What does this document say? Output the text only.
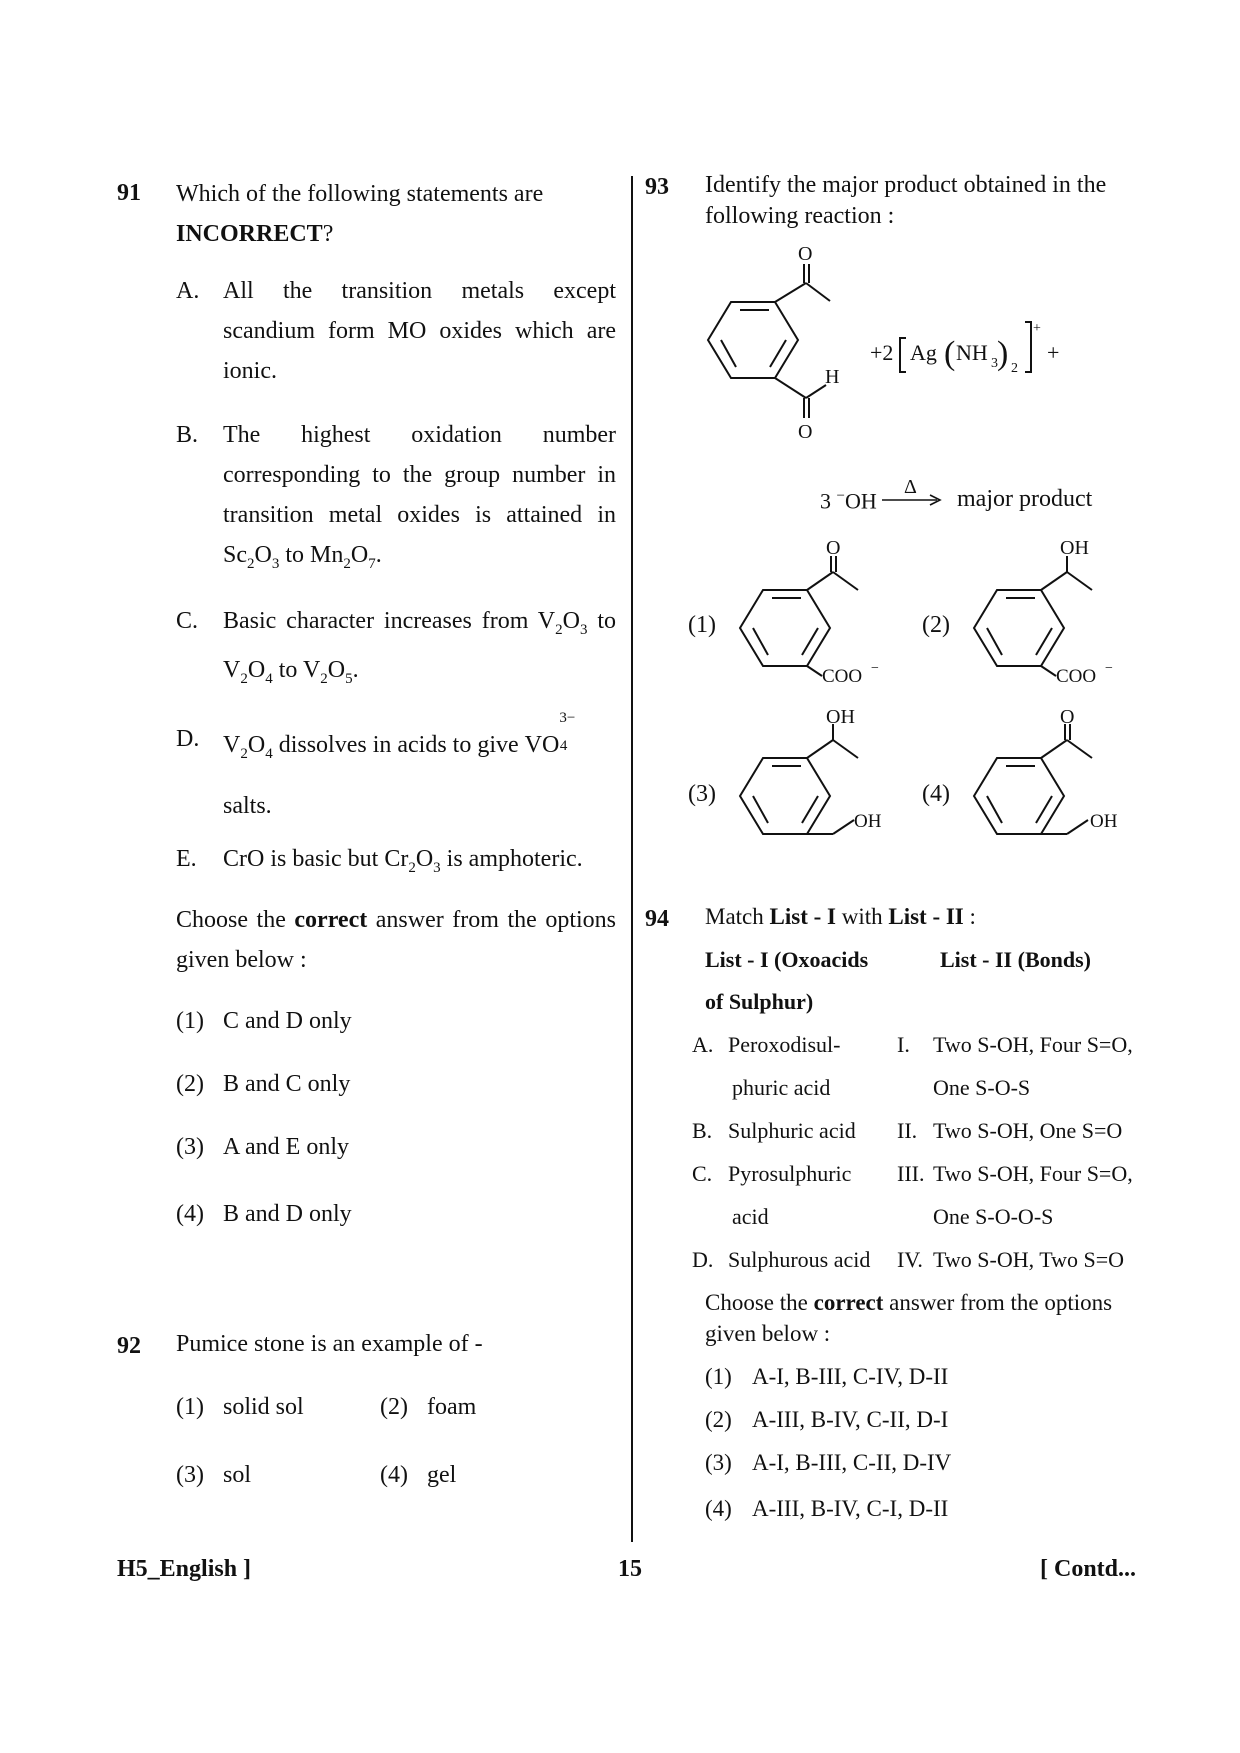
91 Which of the following statements are
INCORRECT?
A. All the transition metals except scandium form MO oxides which are ionic.
B. The highest oxidation number corresponding to the group number in transition metal oxides is attained in $Sc_2O_3$ to $Mn_2O_7$.
C. Basic character increases from $V_2O_3$ to $V_2O_4$ to $V_2O_5$.
D. $V_2O_4$ dissolves in acids to give VO
3−
4

salts.
E. CrO is basic but $Cr_2O_3$ is amphoteric.
Choose the correct answer from the options given below :
(1) C and D only
(2) B and C only
(3) A and E only
(4) B and D only
92 Pumice stone is an example of -
(1) solid sol	(2) foam
(3) sol	(4) gel
93 Identify the major product obtained in the following reaction :
O
O
H
+2 Ag ( NH 3 ) 2
+
+
3 −OH
Δ major product
(1)
O
COO −
(2)
OH
COO −
(3)
OH
OH
(4)
O
OH
94 Match List - I with List - II :
List - I (Oxoacids
of Sulphur)
List - II (Bonds)
A. Peroxodisul-
phuric acid
I. Two S-OH, Four S=O,
One S-O-S
B. Sulphuric acid II. Two S-OH, One S=O
C. Pyrosulphuric
acid
III. Two S-OH, Four S=O,
One S-O-O-S
D. Sulphurous acid IV. Two S-OH, Two S=O
Choose the correct answer from the options given below :
(1) A-I, B-III, C-IV, D-II
(2) A-III, B-IV, C-II, D-I
(3) A-I, B-III, C-II, D-IV
(4) A-III, B-IV, C-I, D-II
H5_English ]	15	[ Contd...
